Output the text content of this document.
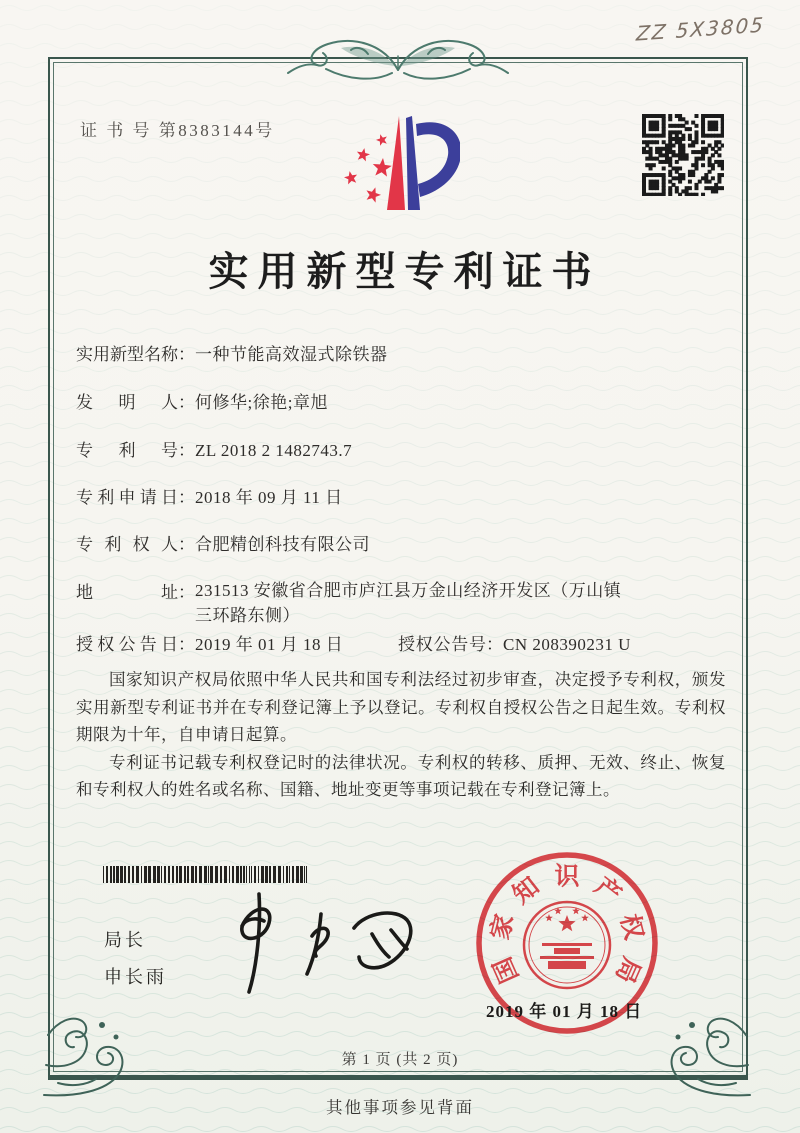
ZZ 5X3805
证 书 号 第8383144号
实用新型专利证书
实用新型名称：一种节能高效湿式除铁器
发明人：何修华;徐艳;章旭
专利号：ZL 2018 2 1482743.7
专利申请日：2018 年 09 月 11 日
专利权人：合肥精创科技有限公司
地址：231513 安徽省合肥市庐江县万金山经济开发区（万山镇三环路东侧）
授权公告日：2019 年 01 月 18 日	授权公告号：CN 208390231 U

国家知识产权局依照中华人民共和国专利法经过初步审查，决定授予专利权，颁发实用新型专利证书并在专利登记簿上予以登记。专利权自授权公告之日起生效。专利权期限为十年，自申请日起算。

专利证书记载专利权登记时的法律状况。专利权的转移、质押、无效、终止、恢复和专利权人的姓名或名称、国籍、地址变更等事项记载在专利登记簿上。

局长
申长雨	国
家
知 识 产
权
局
2019 年 01 月 18 日
第 1 页 (共 2 页)
其他事项参见背面
